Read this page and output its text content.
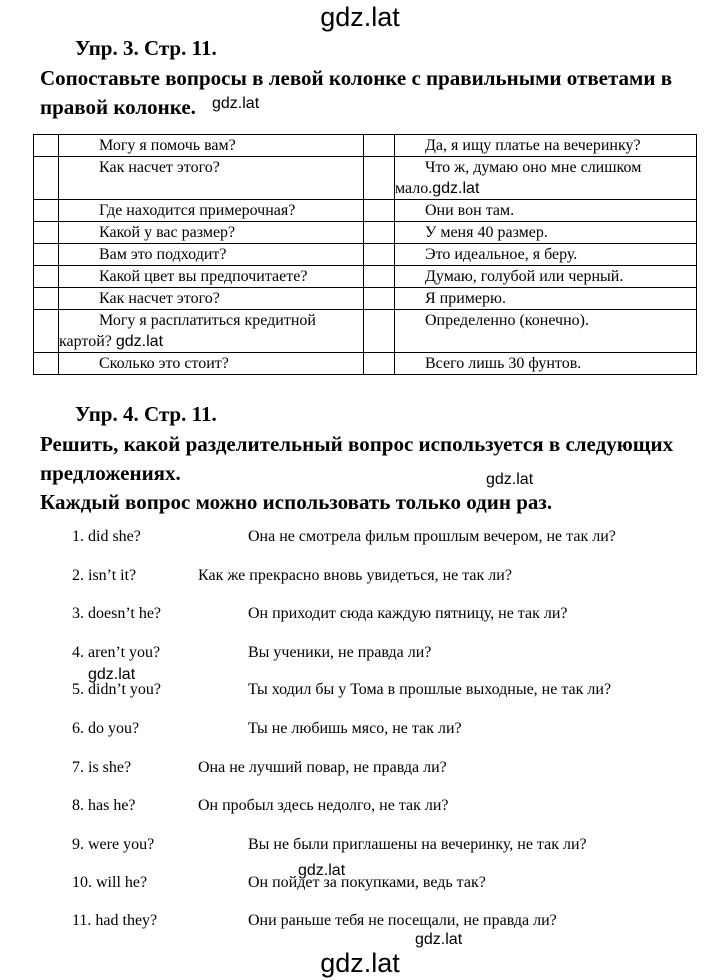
gdz.lat
gdz.lat
gdz.lat
gdz.lat
gdz.lat
gdz.lat
gdz.lat
Упр. 3. Стр. 11.
Сопоставьте вопросы в левой колонке с правильными ответами в
правой колонке.
	Могу я помочь вам?		Да, я ищу платье на вечеринку?
	Как насчет этого?		Что ж, думаю оно мне слишком
мало.gdz.lat

	Где находится примерочная?		Они вон там.
	Какой у вас размер?		У меня 40 размер.
	Вам это подходит?		Это идеальное, я беру.
	Какой цвет вы предпочитаете?		Думаю, голубой или черный.
	Как насчет этого?		Я примерю.
	Могу я расплатиться кредитной
картой? gdz.lat		Определенно (конечно).
	Сколько это стоит?		Всего лишь 30 фунтов.
Упр. 4. Стр. 11.
Решить, какой разделительный вопрос используется в следующих
предложениях.
Каждый вопрос можно использовать только один раз.
1. did she?	Она не смотрела фильм прошлым вечером, не так ли?
2. isn’t it?	Как же прекрасно вновь увидеться, не так ли?
3. doesn’t he?	Он приходит сюда каждую пятницу, не так ли?
4. aren’t you?	Вы ученики, не правда ли?
5. didn’t you?	Ты ходил бы у Тома в прошлые выходные, не так ли?
6. do you?	Ты не любишь мясо, не так ли?
7. is she?	Она не лучший повар, не правда ли?
8. has he?	Он пробыл здесь недолго, не так ли?
9. were you?	Вы не были приглашены на вечеринку, не так ли?
10. will he?	Он пойдет за покупками, ведь так?
11. had they?	Они раньше тебя не посещали, не правда ли?
